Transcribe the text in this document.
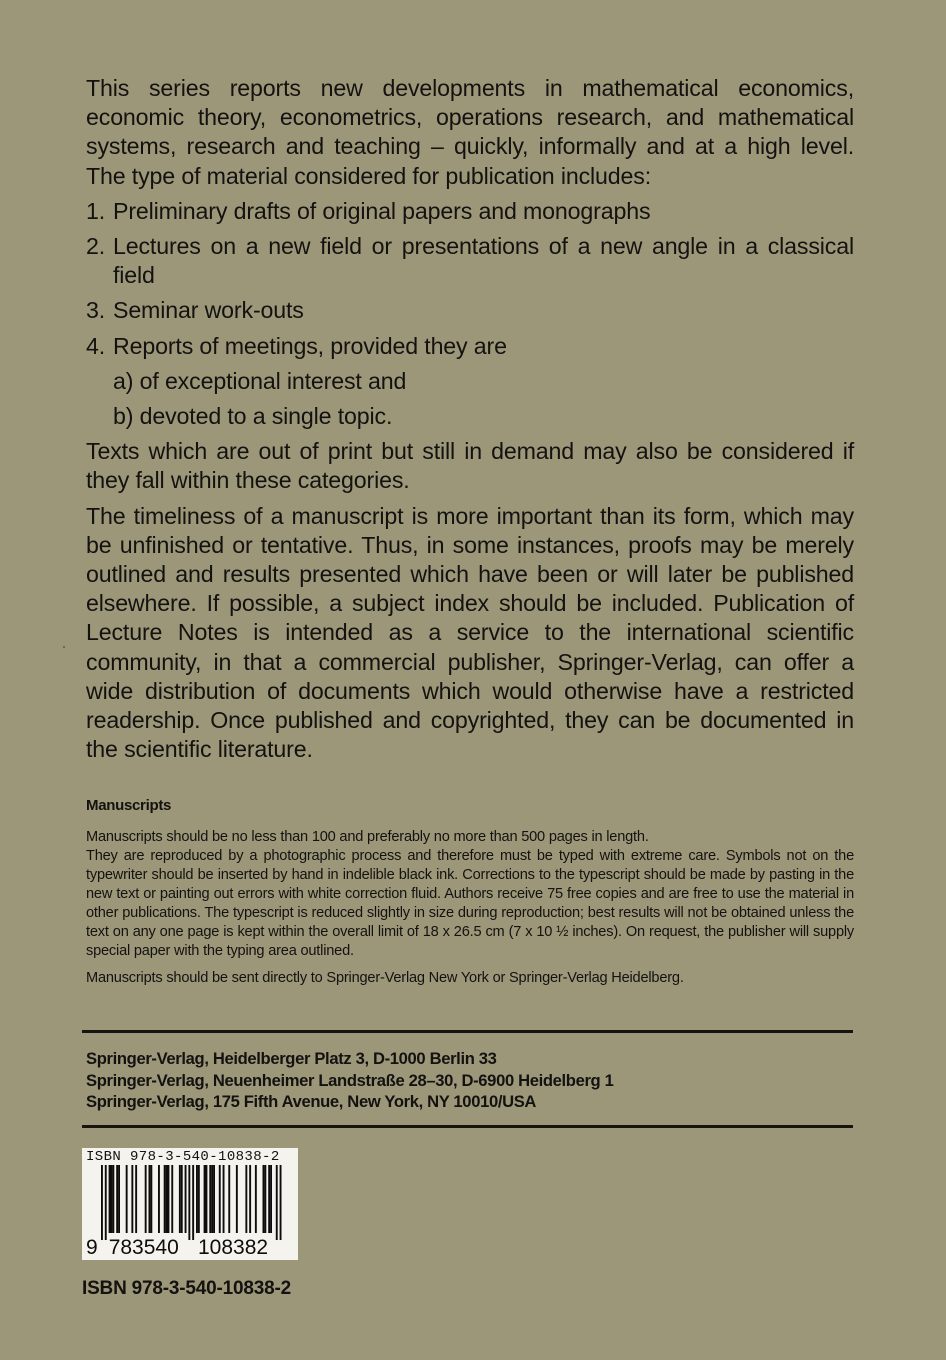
This series reports new developments in mathematical economics, economic theory, econometrics, operations research, and mathematical systems, research and teaching – quickly, informally and at a high level. The type of material considered for publication includes:

1. Preliminary drafts of original papers and monographs
2. Lectures on a new field or presentations of a new angle in a classical field
3. Seminar work-outs
4. Reports of meetings, provided they are
a) of exceptional interest and
b) devoted to a single topic.

Texts which are out of print but still in demand may also be considered if they fall within these categories.

The timeliness of a manuscript is more important than its form, which may be unfinished or tentative. Thus, in some instances, proofs may be merely outlined and results presented which have been or will later be published elsewhere. If possible, a subject index should be included. Publication of Lecture Notes is intended as a service to the international scientific community, in that a commercial publisher, Springer-Verlag, can offer a wide distribution of documents which would otherwise have a restricted readership. Once published and copyrighted, they can be documented in the scientific literature.

Manuscripts

Manuscripts should be no less than 100 and preferably no more than 500 pages in length.

They are reproduced by a photographic process and therefore must be typed with extreme care. Symbols not on the typewriter should be inserted by hand in indelible black ink. Corrections to the typescript should be made by pasting in the new text or painting out errors with white correction fluid. Authors receive 75 free copies and are free to use the material in other publications. The typescript is reduced slightly in size during reproduction; best results will not be obtained unless the text on any one page is kept within the overall limit of 18 x 26.5 cm (7 x 10 ½ inches). On request, the publisher will supply special paper with the typing area outlined.

Manuscripts should be sent directly to Springer-Verlag New York or Springer-Verlag Heidelberg.

Springer-Verlag, Heidelberger Platz 3, D-1000 Berlin 33
Springer-Verlag, Neuenheimer Landstraße 28–30, D-6900 Heidelberg 1
Springer-Verlag, 175 Fifth Avenue, New York, NY 10010/USA
ISBN 978-3-540-10838-2
9 783540 108382
ISBN 978-3-540-10838-2
